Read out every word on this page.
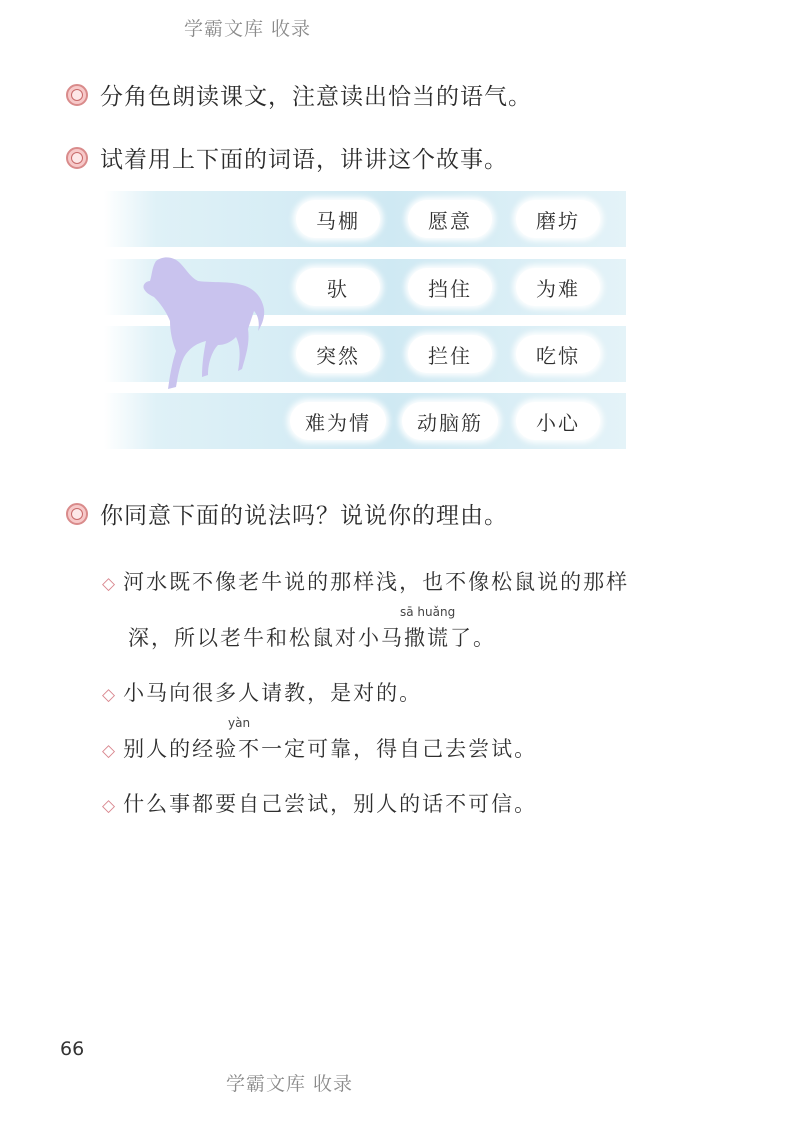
学霸文库 收录
分角色朗读课文，注意读出恰当的语气。
试着用上下面的词语，讲讲这个故事。
马棚	愿意	磨坊
驮	挡住	为难
突然	拦住	吃惊
难为情	动脑筋	小心
你同意下面的说法吗？说说你的理由。
◇ 河水既不像老牛说的那样浅，也不像松鼠说的那样
sā huǎng
深，所以老牛和松鼠对小马撒谎了。
◇ 小马向很多人请教，是对的。
yàn
◇ 别人的经验不一定可靠，得自己去尝试。
◇ 什么事都要自己尝试，别人的话不可信。
66
学霸文库 收录
